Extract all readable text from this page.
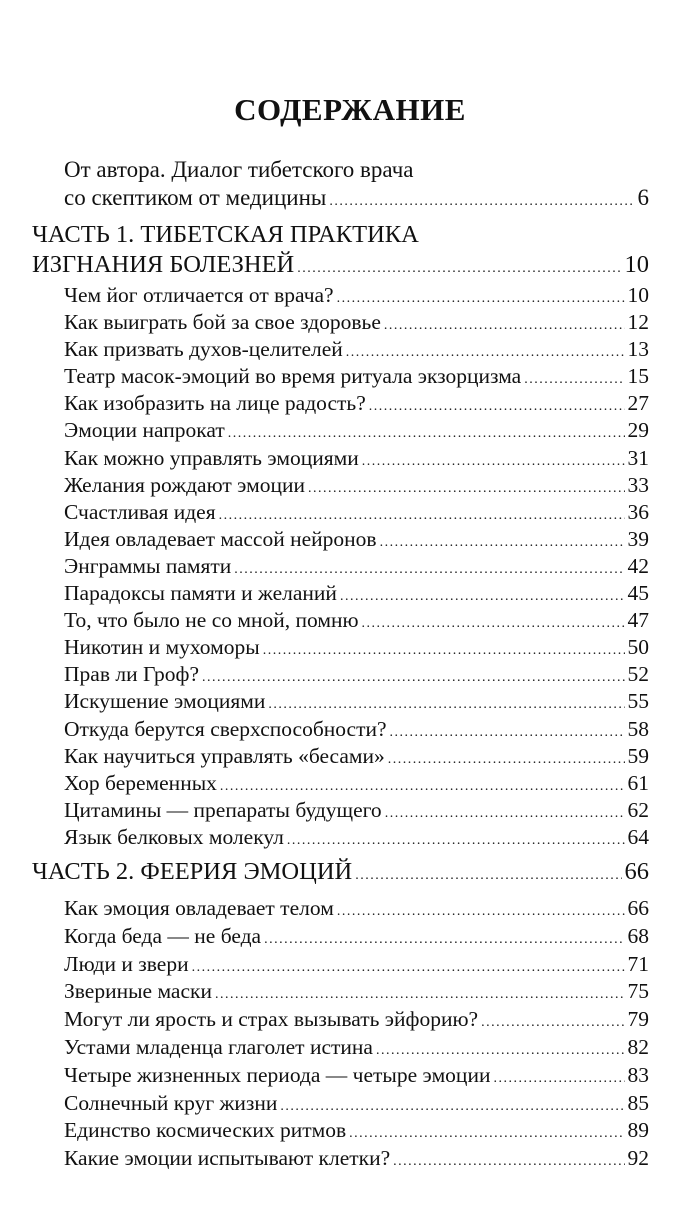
СОДЕРЖАНИЕ
От автора. Диалог тибетского врача
со скептиком от медицины . . .	6
ЧАСТЬ 1. ТИБЕТСКАЯ ПРАКТИКА
ИЗГНАНИЯ БОЛЕЗНЕЙ . . .	10
Чем йог отличается от врача? . . .	10
Как выиграть бой за свое здоровье . . .	12
Как призвать духов-целителей . . .	13
Театр масок-эмоций во время ритуала экзорцизма . . .	15
Как изобразить на лице радость? . . .	27
Эмоции напрокат . . .	29
Как можно управлять эмоциями . . .	31
Желания рождают эмоции . . .	33
Счастливая идея . . .	36
Идея овладевает массой нейронов . . .	39
Энграммы памяти . . .	42
Парадоксы памяти и желаний . . .	45
То, что было не со мной, помню . . .	47
Никотин и мухоморы . . .	50
Прав ли Гроф? . . .	52
Искушение эмоциями . . .	55
Откуда берутся сверхспособности? . . .	58
Как научиться управлять «бесами» . . .	59
Хор беременных . . .	61
Цитамины — препараты будущего . . .	62
Язык белковых молекул . . .	64
ЧАСТЬ 2. ФЕЕРИЯ ЭМОЦИЙ . . .	66
Как эмоция овладевает телом . . .	66
Когда беда — не беда . . .	68
Люди и звери . . .	71
Звериные маски . . .	75
Могут ли ярость и страх вызывать эйфорию? . . .	79
Устами младенца глаголет истина . . .	82
Четыре жизненных периода — четыре эмоции . . .	83
Солнечный круг жизни . . .	85
Единство космических ритмов . . .	89
Какие эмоции испытывают клетки? . . .	92
